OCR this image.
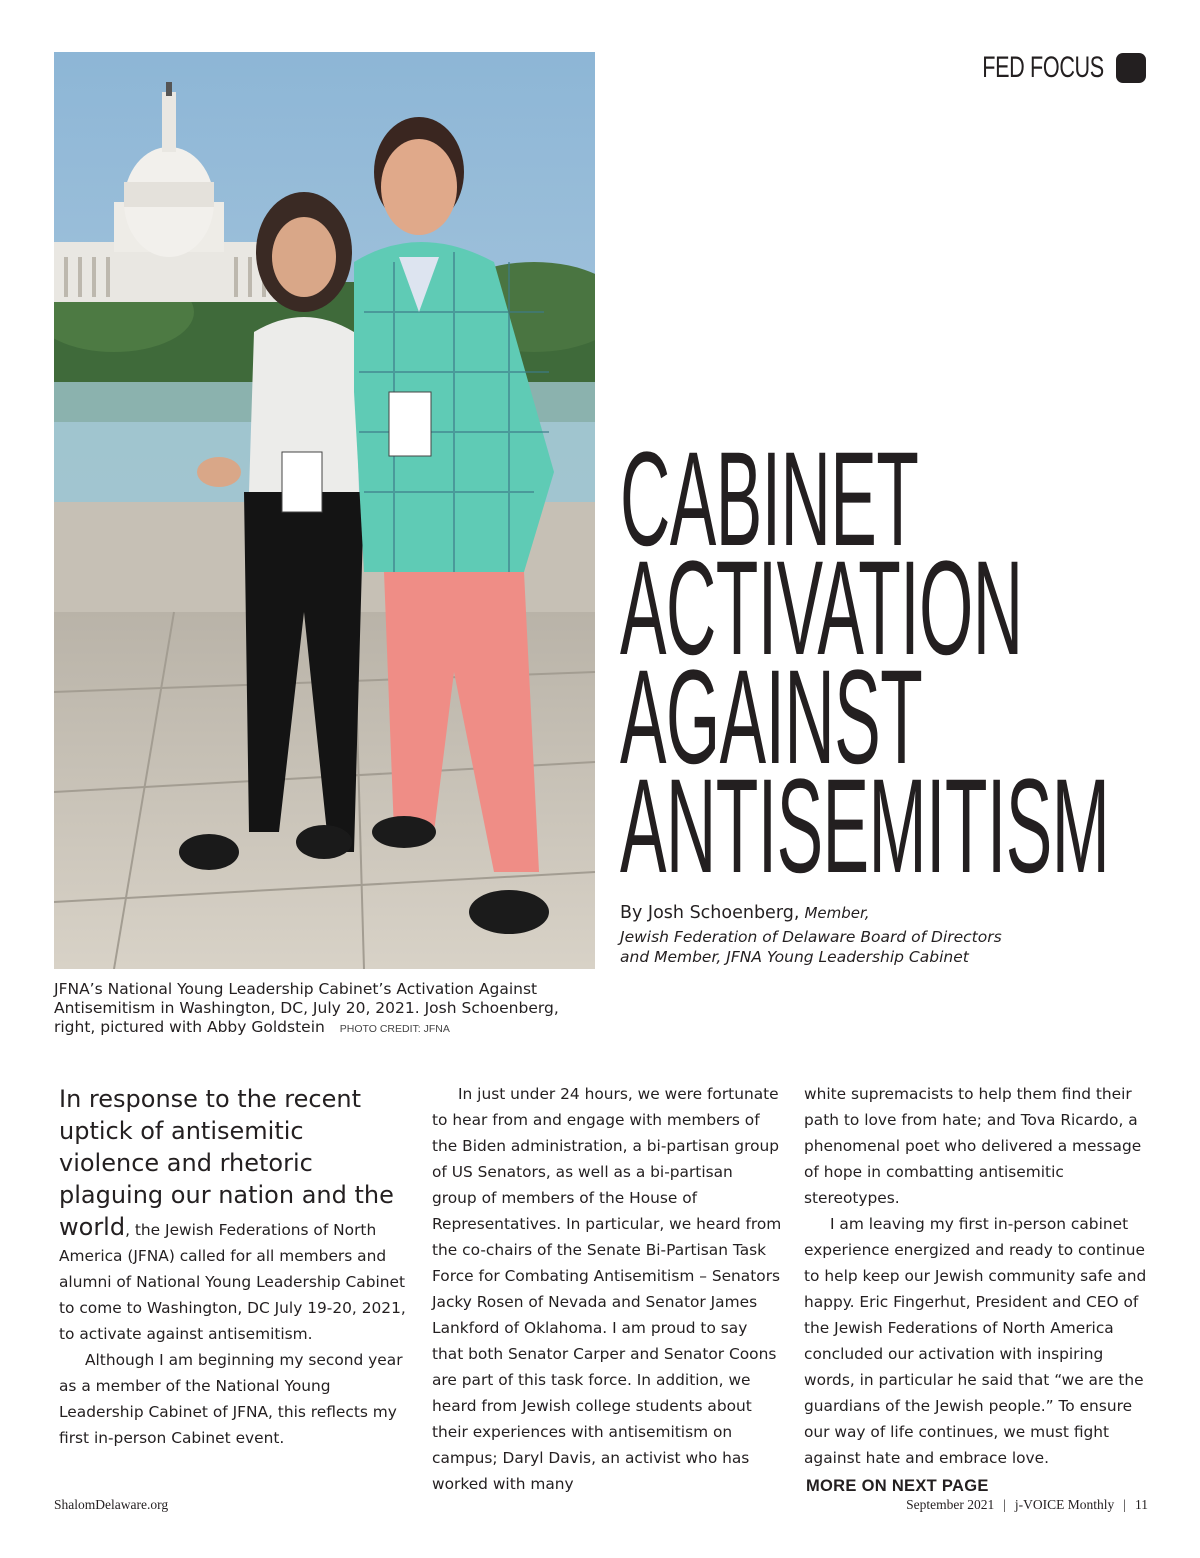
FED FOCUS
JFNA’s National Young Leadership Cabinet’s Activation Against Antisemitism in Washington, DC, July 20, 2021. Josh Schoenberg, right, pictured with Abby Goldstein PHOTO CREDIT: JFNA
CABINET
ACTIVATION
AGAINST
ANTISEMITISM
By Josh Schoenberg, Member,
Jewish Federation of Delaware Board of Directors
and Member, JFNA Young Leadership Cabinet

In response to the recent uptick of antisemitic violence and rhetoric plaguing our nation and the world, the Jewish Federations of North America (JFNA) called for all members and alumni of National Young Leadership Cabinet to come to Washington, DC July 19-20, 2021, to activate against antisemitism.

Although I am beginning my second year as a member of the National Young Leadership Cabinet of JFNA, this reflects my first in-person Cabinet event.

In just under 24 hours, we were fortunate to hear from and engage with members of the Biden administration, a bi-partisan group of US Senators, as well as a bi-partisan group of members of the House of Representatives. In particular, we heard from the co-chairs of the Senate Bi-Partisan Task Force for Combating Antisemitism – Senators Jacky Rosen of Nevada and Senator James Lankford of Oklahoma. I am proud to say that both Senator Carper and Senator Coons are part of this task force. In addition, we heard from Jewish college students about their experiences with antisemitism on campus; Daryl Davis, an activist who has worked with many

white supremacists to help them find their path to love from hate; and Tova Ricardo, a phenomenal poet who delivered a message of hope in combatting antisemitic stereotypes.

I am leaving my first in-person cabinet experience energized and ready to continue to help keep our Jewish community safe and happy. Eric Fingerhut, President and CEO of the Jewish Federations of North America concluded our activation with inspiring words, in particular he said that “we are the guardians of the Jewish people.” To ensure our way of life continues, we must fight against hate and embrace love.

MORE ON NEXT PAGE
ShalomDelaware.org	September 2021 | j-VOICE Monthly | 11
